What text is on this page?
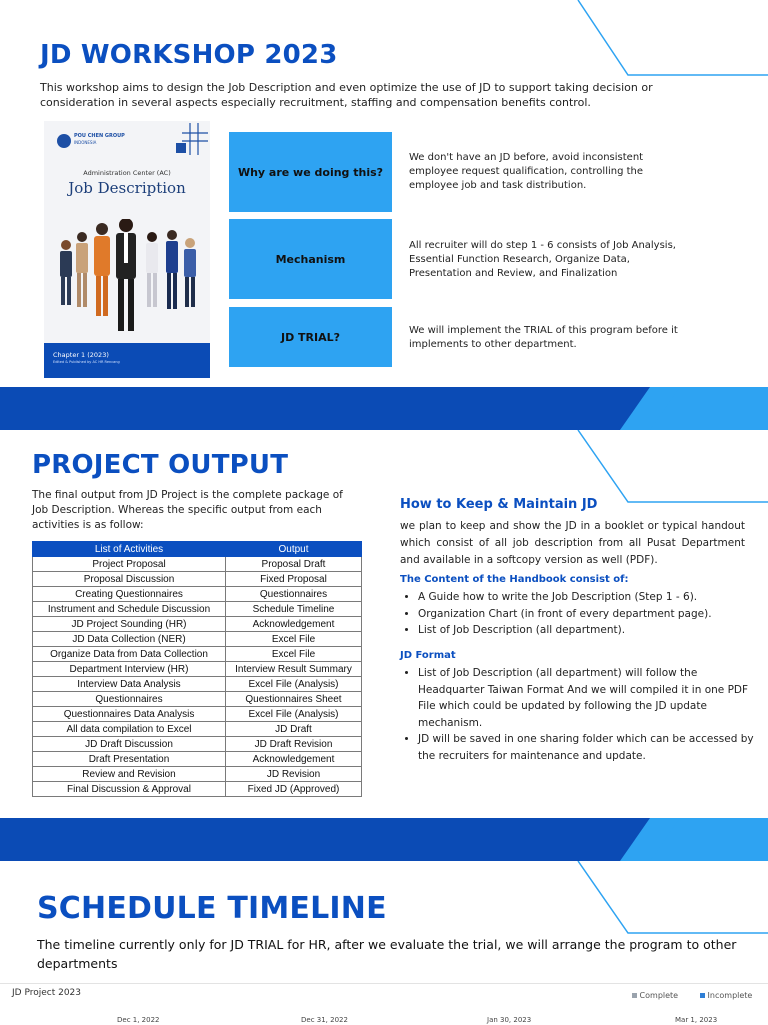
JD WORKSHOP 2023
This workshop aims to design the Job Description and even optimize the use of JD to support taking decision or consideration in several aspects especially recruitment, staffing and compensation benefits control.
POU CHEN GROUP
INDONESIA
Administration Center (AC)
Job Description
Chapter 1 (2023)
Edited & Published by AC HR Rencang
Why are we doing this?
We don't have an JD before, avoid inconsistent employee request qualification, controlling the employee job and task distribution.
Mechanism
All recruiter will do step 1 - 6 consists of Job Analysis, Essential Function Research, Organize Data, Presentation and Review, and Finalization
JD TRIAL?	We will implement the TRIAL of this program before it implements to other department.
PROJECT OUTPUT
The final output from JD Project is the complete package of Job Description. Whereas the specific output from each activities is as follow:
List of Activities	Output
Project Proposal	Proposal Draft
Proposal Discussion	Fixed Proposal
Creating Questionnaires	Questionnaires
Instrument and Schedule Discussion	Schedule Timeline
JD Project Sounding (HR)	Acknowledgement
JD Data Collection (NER)	Excel File
Organize Data from Data Collection	Excel File
Department Interview (HR)	Interview Result Summary
Interview Data Analysis	Excel File (Analysis)
Questionnaires	Questionnaires Sheet
Questionnaires Data Analysis	Excel File (Analysis)
All data compilation to Excel	JD Draft
JD Draft Discussion	JD Draft Revision
Draft Presentation	Acknowledgement
Review and Revision	JD Revision
Final Discussion & Approval	Fixed JD (Approved)
How to Keep & Maintain JD
we plan to keep and show the JD in a booklet or typical handout which consist of all job description from all Pusat Department and available in a softcopy version as well (PDF).
The Content of the Handbook consist of:
• A Guide how to write the Job Description (Step 1 - 6).
• Organization Chart (in front of every department page).
• List of Job Description (all department).
JD Format
• List of Job Description (all department) will follow the Headquarter Taiwan Format And we will compiled it in one PDF File which could be updated by following the JD update mechanism.
• JD will be saved in one sharing folder which can be accessed by the recruiters for maintenance and update.
SCHEDULE TIMELINE
The timeline currently only for JD TRIAL for HR, after we evaluate the trial, we will arrange the program to other departments
JD Project 2023	Complete	Incomplete
Dec 1, 2022	Dec 31, 2022	Jan 30, 2023	Mar 1, 2023
